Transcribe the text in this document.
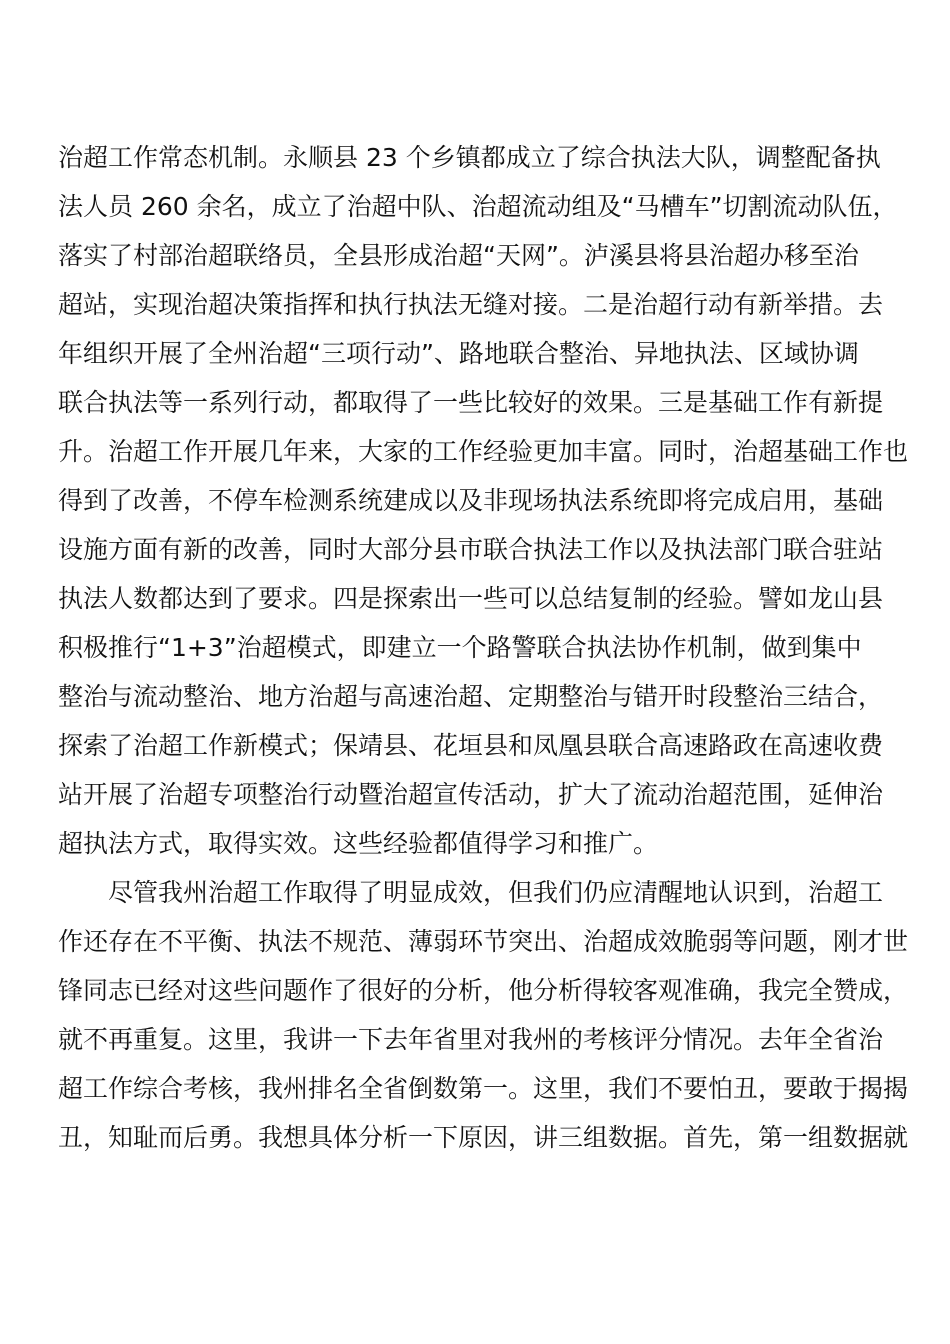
治超工作常态机制。永顺县 23 个乡镇都成立了综合执法大队，调整配备执
法人员 260 余名，成立了治超中队、治超流动组及“马槽车”切割流动队伍，
落实了村部治超联络员，全县形成治超“天网”。泸溪县将县治超办移至治
超站，实现治超决策指挥和执行执法无缝对接。二是治超行动有新举措。去
年组织开展了全州治超“三项行动”、路地联合整治、异地执法、区域协调
联合执法等一系列行动，都取得了一些比较好的效果。三是基础工作有新提
升。治超工作开展几年来，大家的工作经验更加丰富。同时，治超基础工作也
得到了改善，不停车检测系统建成以及非现场执法系统即将完成启用，基础
设施方面有新的改善，同时大部分县市联合执法工作以及执法部门联合驻站
执法人数都达到了要求。四是探索出一些可以总结复制的经验。譬如龙山县
积极推行“1+3”治超模式，即建立一个路警联合执法协作机制，做到集中
整治与流动整治、地方治超与高速治超、定期整治与错开时段整治三结合，
探索了治超工作新模式；保靖县、花垣县和凤凰县联合高速路政在高速收费
站开展了治超专项整治行动暨治超宣传活动，扩大了流动治超范围，延伸治
超执法方式，取得实效。这些经验都值得学习和推广。
尽管我州治超工作取得了明显成效，但我们仍应清醒地认识到，治超工
作还存在不平衡、执法不规范、薄弱环节突出、治超成效脆弱等问题，刚才世
锋同志已经对这些问题作了很好的分析，他分析得较客观准确，我完全赞成，
就不再重复。这里，我讲一下去年省里对我州的考核评分情况。去年全省治
超工作综合考核，我州排名全省倒数第一。这里，我们不要怕丑，要敢于揭揭
丑，知耻而后勇。我想具体分析一下原因，讲三组数据。首先，第一组数据就
